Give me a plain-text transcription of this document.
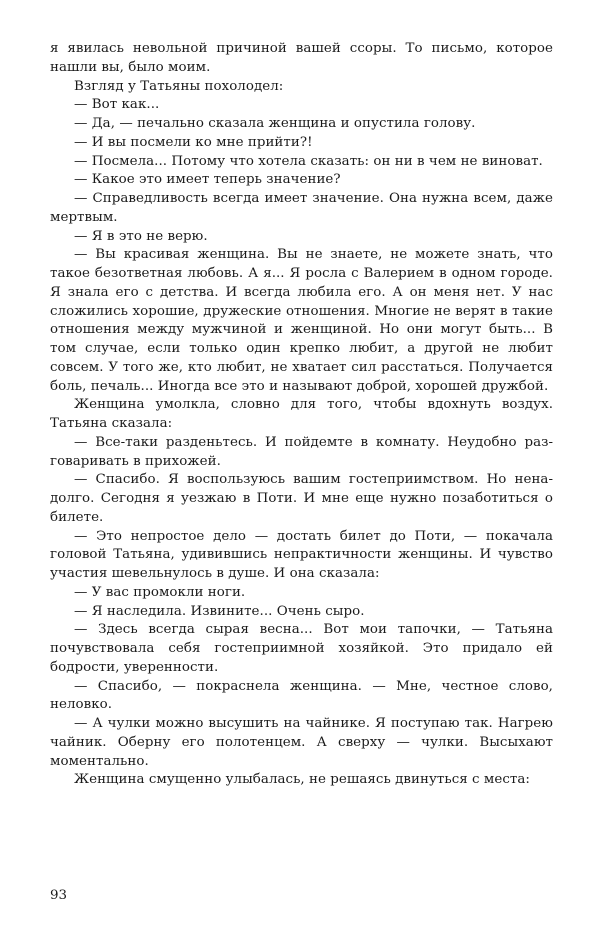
я явилась невольной причиной вашей ссоры. То письмо, которое нашли вы, было моим.

Взгляд у Татьяны похолодел:

— Вот как...

— Да, — печально сказала женщина и опустила голову.

— И вы посмели ко мне прийти?!

— Посмела... Потому что хотела сказать: он ни в чем не виноват.

— Какое это имеет теперь значение?

— Справедливость всегда имеет значение. Она нужна всем, даже мертвым.

— Я в это не верю.

— Вы красивая женщина. Вы не знаете, не можете знать, что такое безответная любовь. А я... Я росла с Валерием в одном городе. Я знала его с детства. И всегда любила его. А он меня нет. У нас сложились хорошие, дружеские отношения. Многие не верят в такие отношения между мужчиной и женщиной. Но они могут быть... В том случае, если только один крепко любит, а другой не любит совсем. У того же, кто любит, не хватает сил расстаться. Получается боль, печаль... Иногда все это и называют доброй, хорошей дружбой.

Женщина умолкла, словно для того, чтобы вдохнуть воздух. Татьяна сказала:

— Все-таки разденьтесь. И пойдемте в комнату. Неудобно разговаривать в прихожей.

— Спасибо. Я воспользуюсь вашим гостеприимством. Но ненадолго. Сегодня я уезжаю в Поти. И мне еще нужно позаботиться о билете.

— Это непростое дело — достать билет до Поти, — покачала головой Татьяна, удивившись непрактичности женщины. И чувство участия шевельнулось в душе. И она сказала:

— У вас промокли ноги.

— Я наследила. Извините... Очень сыро.

— Здесь всегда сырая весна... Вот мои тапочки, — Татьяна почувствовала себя гостеприимной хозяйкой. Это придало ей бодрости, уверенности.

— Спасибо, — покраснела женщина. — Мне, честное слово, неловко.

— А чулки можно высушить на чайнике. Я поступаю так. Нагрею чайник. Оберну его полотенцем. А сверху — чулки. Высыхают моментально.

Женщина смущенно улыбалась, не решаясь двинуться с места:

93
